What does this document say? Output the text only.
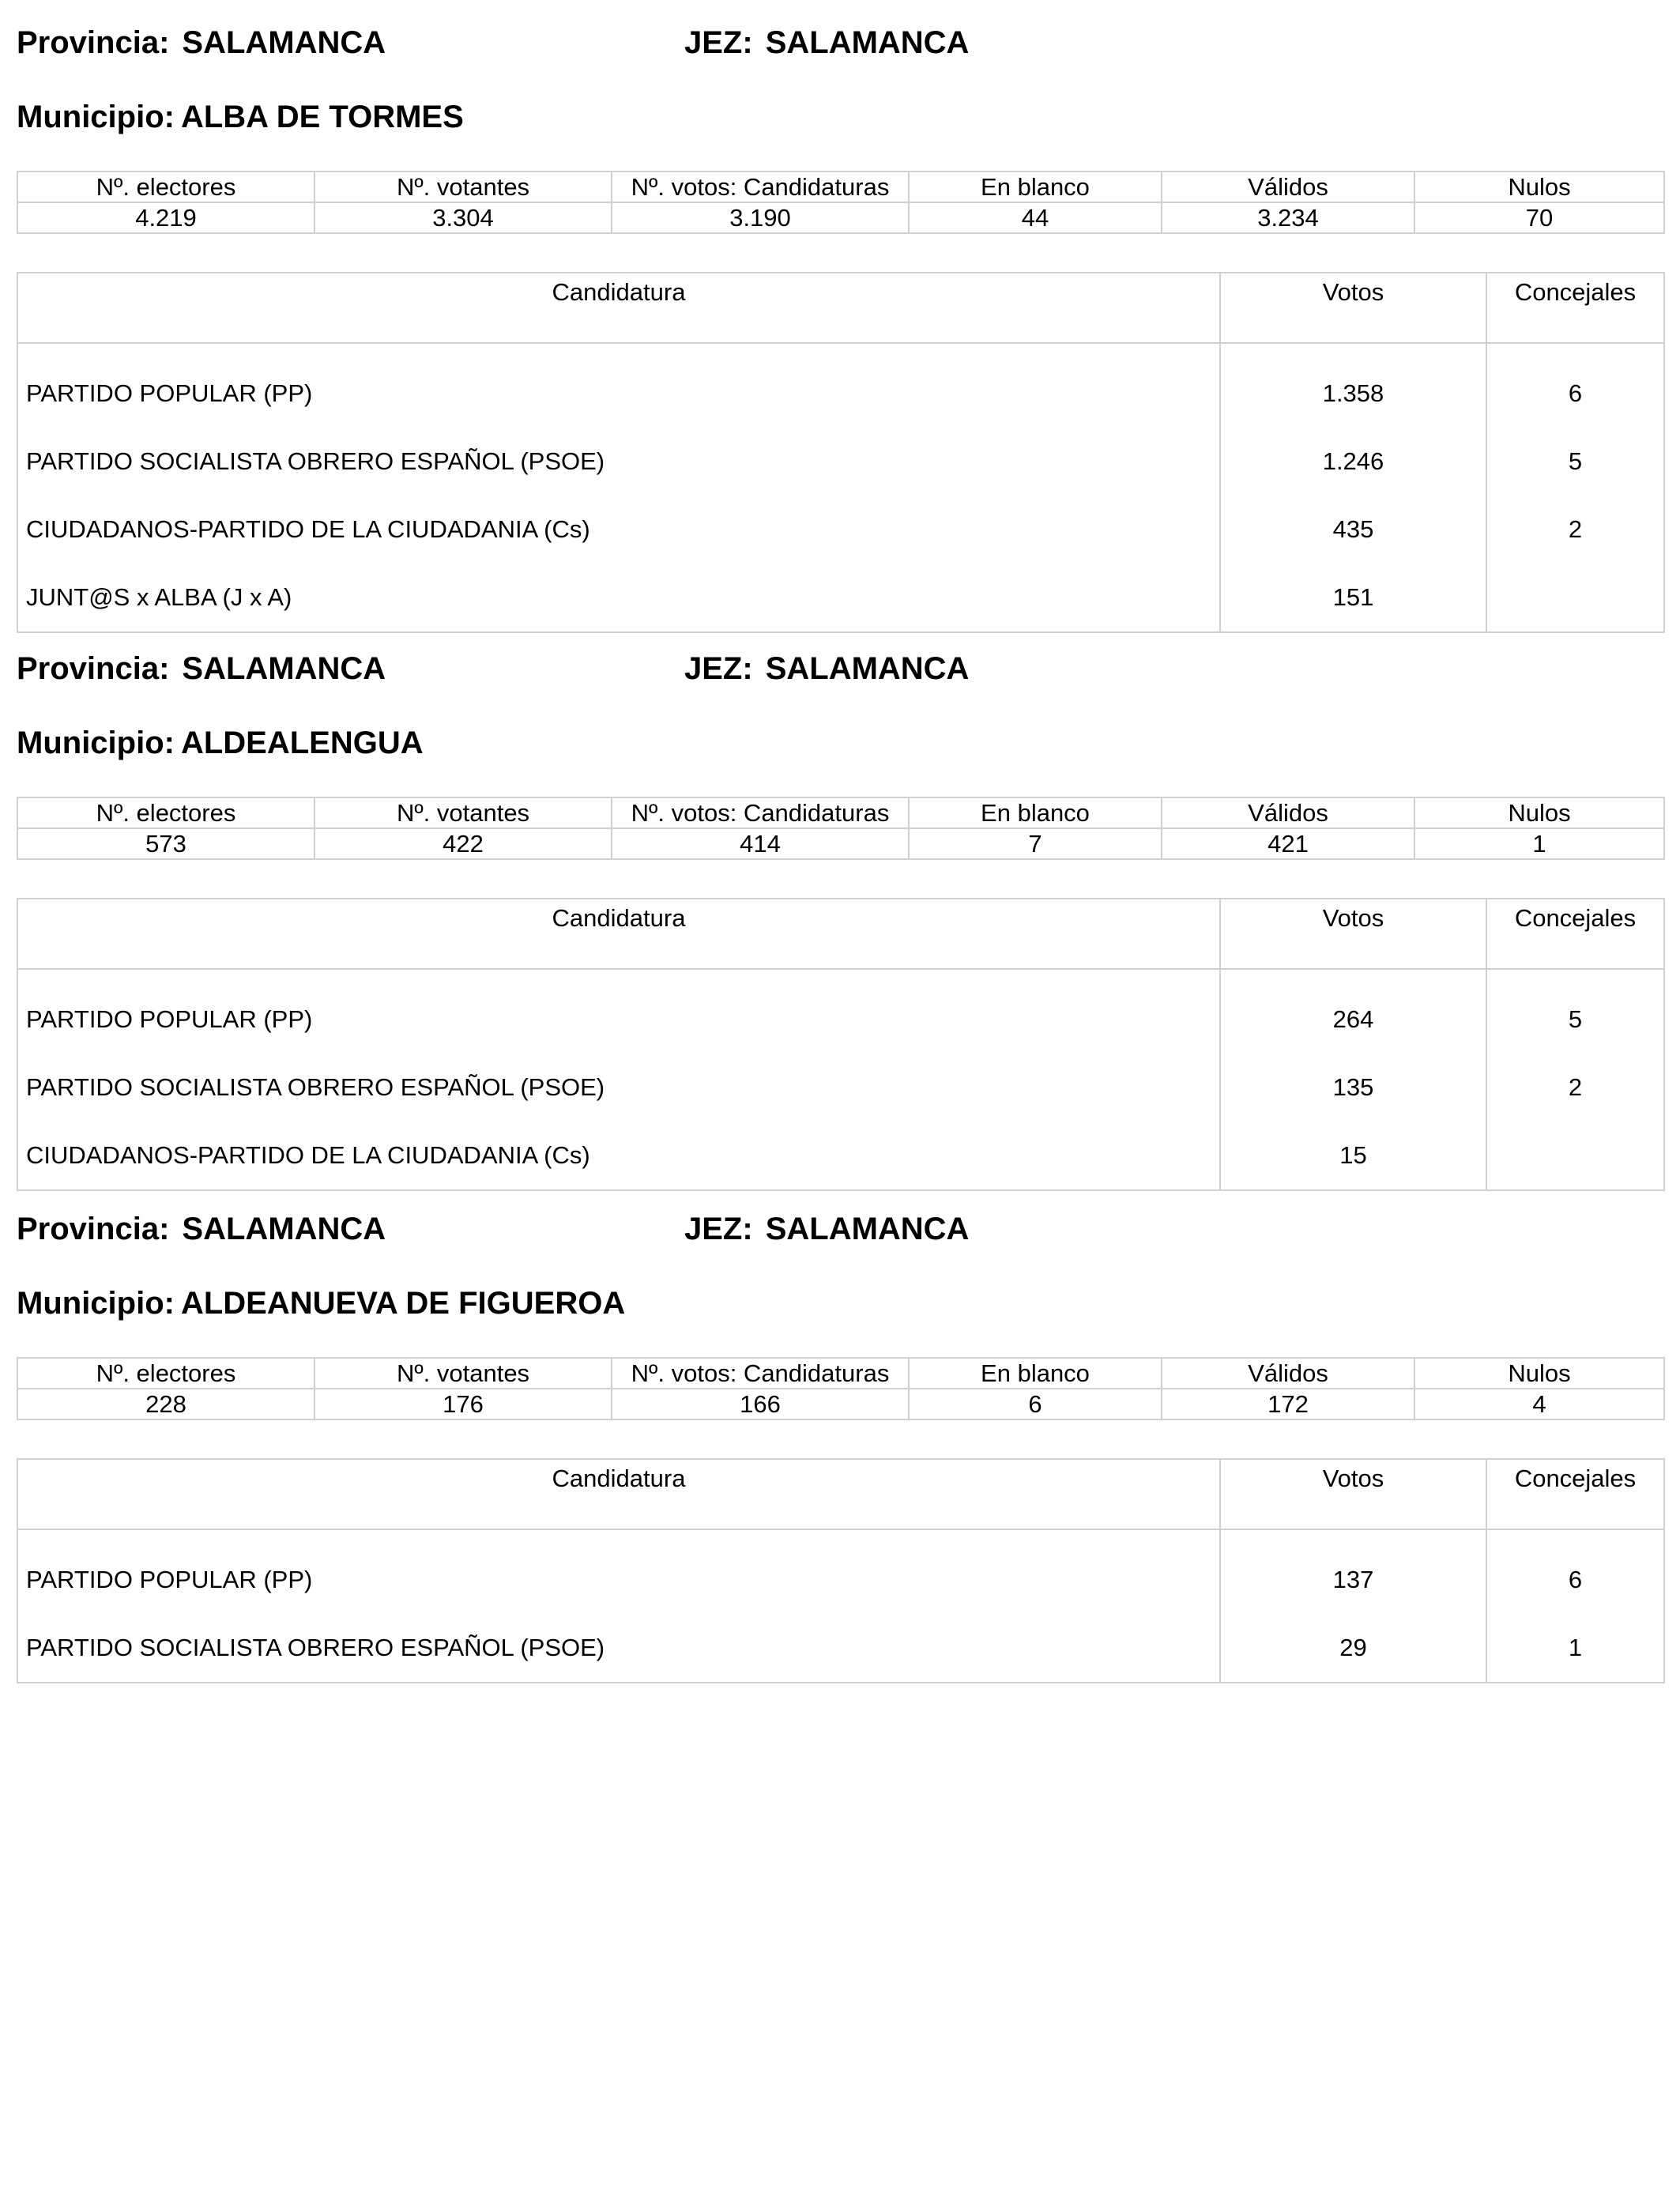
Provincia: SALAMANCA	JEZ: SALAMANCA
Municipio: ALBA DE TORMES
Nº. electores	Nº. votantes	Nº. votos: Candidaturas	En blanco	Válidos	Nulos
4.219	3.304	3.190	44	3.234	70
Candidatura	Votos	Concejales
PARTIDO POPULAR (PP)	1.358	6
PARTIDO SOCIALISTA OBRERO ESPAÑOL (PSOE)	1.246	5
CIUDADANOS-PARTIDO DE LA CIUDADANIA (Cs)	435	2
JUNT@S x ALBA (J x A)	151	
Provincia: SALAMANCA	JEZ: SALAMANCA
Municipio: ALDEALENGUA
Nº. electores	Nº. votantes	Nº. votos: Candidaturas	En blanco	Válidos	Nulos
573	422	414	7	421	1
Candidatura	Votos	Concejales
PARTIDO POPULAR (PP)	264	5
PARTIDO SOCIALISTA OBRERO ESPAÑOL (PSOE)	135	2
CIUDADANOS-PARTIDO DE LA CIUDADANIA (Cs)	15	
Provincia: SALAMANCA	JEZ: SALAMANCA
Municipio: ALDEANUEVA DE FIGUEROA
Nº. electores	Nº. votantes	Nº. votos: Candidaturas	En blanco	Válidos	Nulos
228	176	166	6	172	4
Candidatura	Votos	Concejales
PARTIDO POPULAR (PP)	137	6
PARTIDO SOCIALISTA OBRERO ESPAÑOL (PSOE)	29	1
